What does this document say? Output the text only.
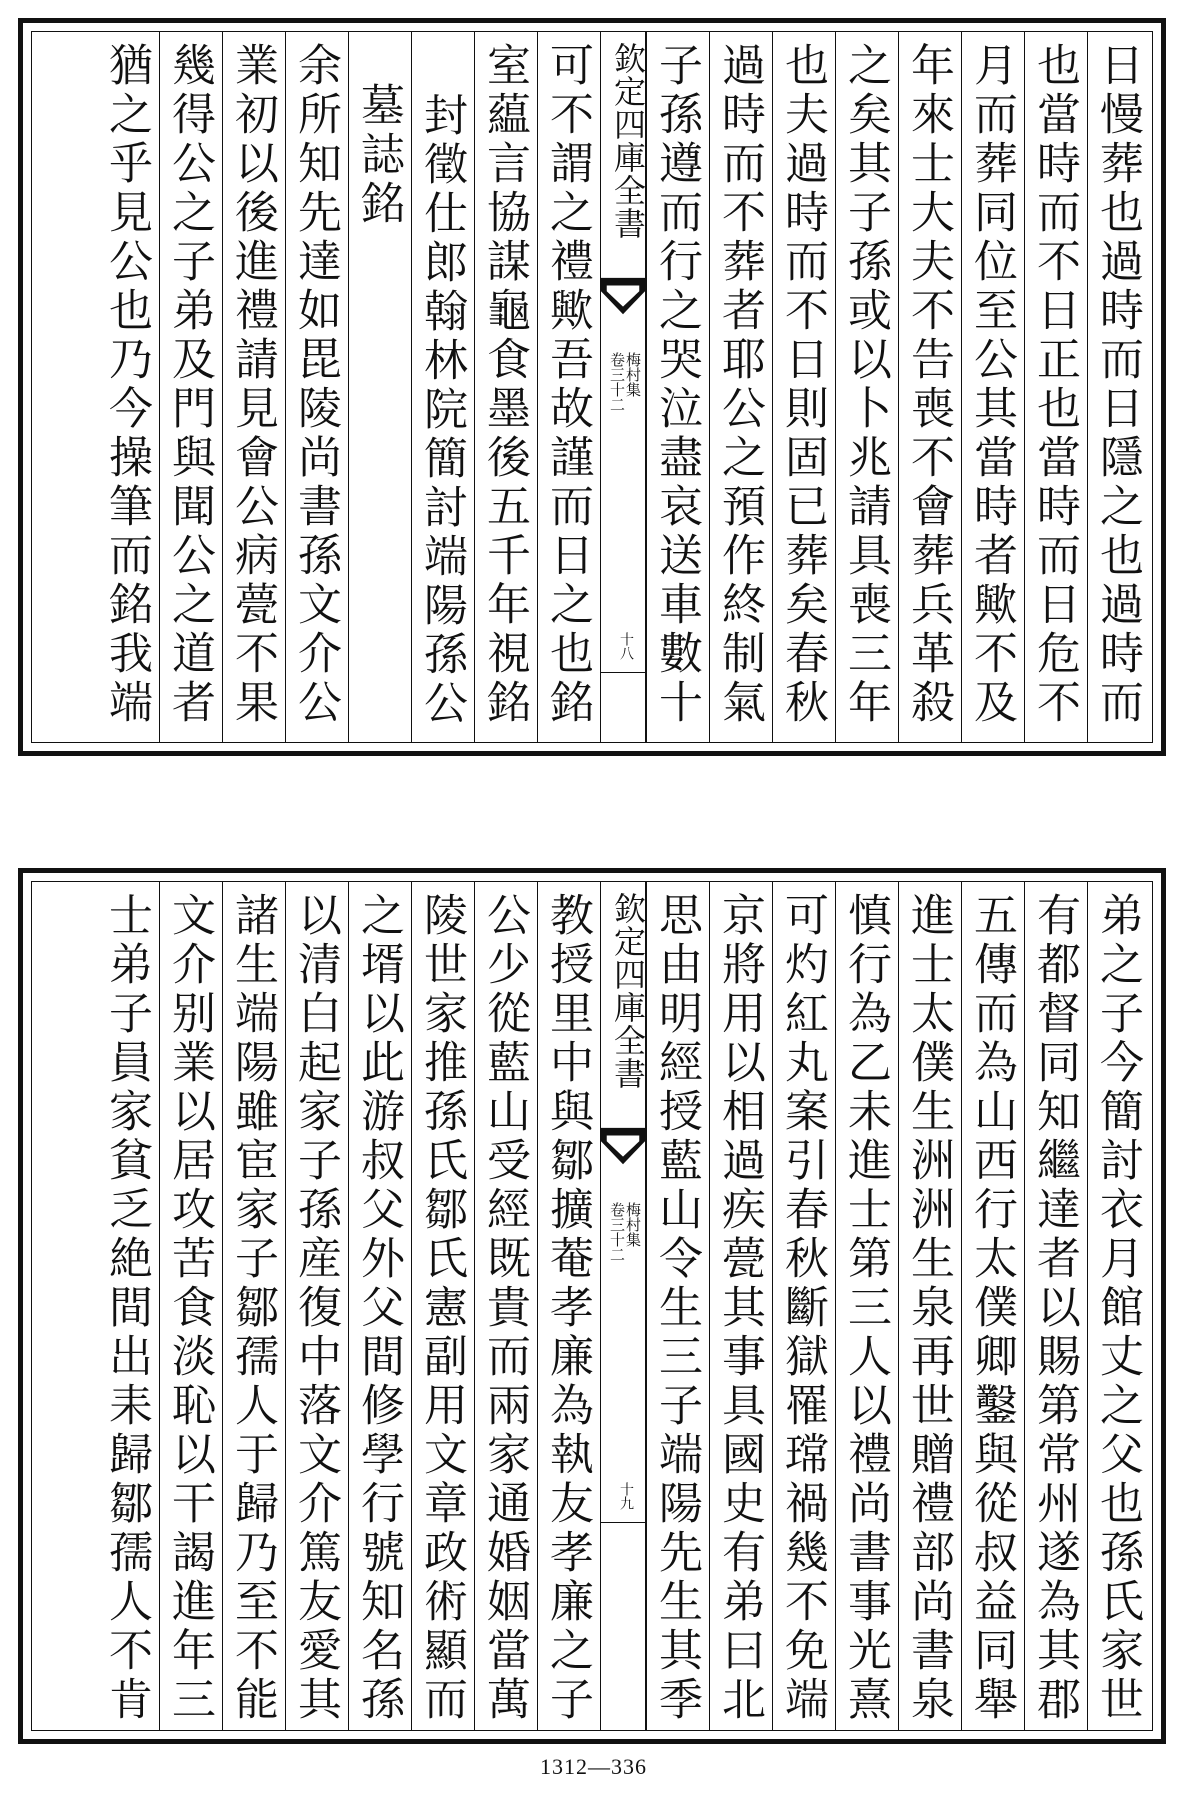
日慢葬也過時而日隱之也過時而
也當時而不日正也當時而日危不
月而葬同位至公其當時者歟不及
年來士大夫不告喪不會葬兵革殺
之矣其子孫或以卜兆請具喪三年
也夫過時而不日則固已葬矣春秋
過時而不葬者耶公之預作終制氣
子孫遵而行之哭泣盡哀送車數十
欽定四庫全書
梅村集
卷三十二
十八
可不謂之禮歟吾故謹而日之也銘
室藴言協謀龜食墨後五千年視銘
封徵仕郎翰林院簡討端陽孫公
墓誌銘
余所知先達如毘陵尚書孫文介公
業初以後進禮請見會公病甍不果
幾得公之子弟及門與聞公之道者
猶之乎見公也乃今操筆而銘我端
弟之子今簡討衣月館丈之父也孫氏家世
有都督同知繼達者以賜第常州遂為其郡
五傳而為山西行太僕卿鑿與從叔益同舉
進士太僕生洲洲生泉再世贈禮部尚書泉
慎行為乙未進士第三人以禮尚書事光熹
可灼紅丸案引春秋斷獄罹瑺禍幾不免端
京將用以相過疾甍其事具國史有弟曰北
思由明經授藍山令生三子端陽先生其季
欽定四庫全書
梅村集
卷三十二
十九
教授里中與鄒擴菴孝廉為執友孝廉之子
公少從藍山受經既貴而兩家通婚姻當萬
陵世家推孫氏鄒氏憲副用文章政術顯而
之壻以此游叔父外父間修學行號知名孫
以清白起家子孫産復中落文介篤友愛其
諸生端陽雖宦家子鄒孺人于歸乃至不能
文介别業以居攻苦食淡恥以干謁進年三
士弟子員家貧乏絶間出耒歸鄒孺人不肯
1312—336
